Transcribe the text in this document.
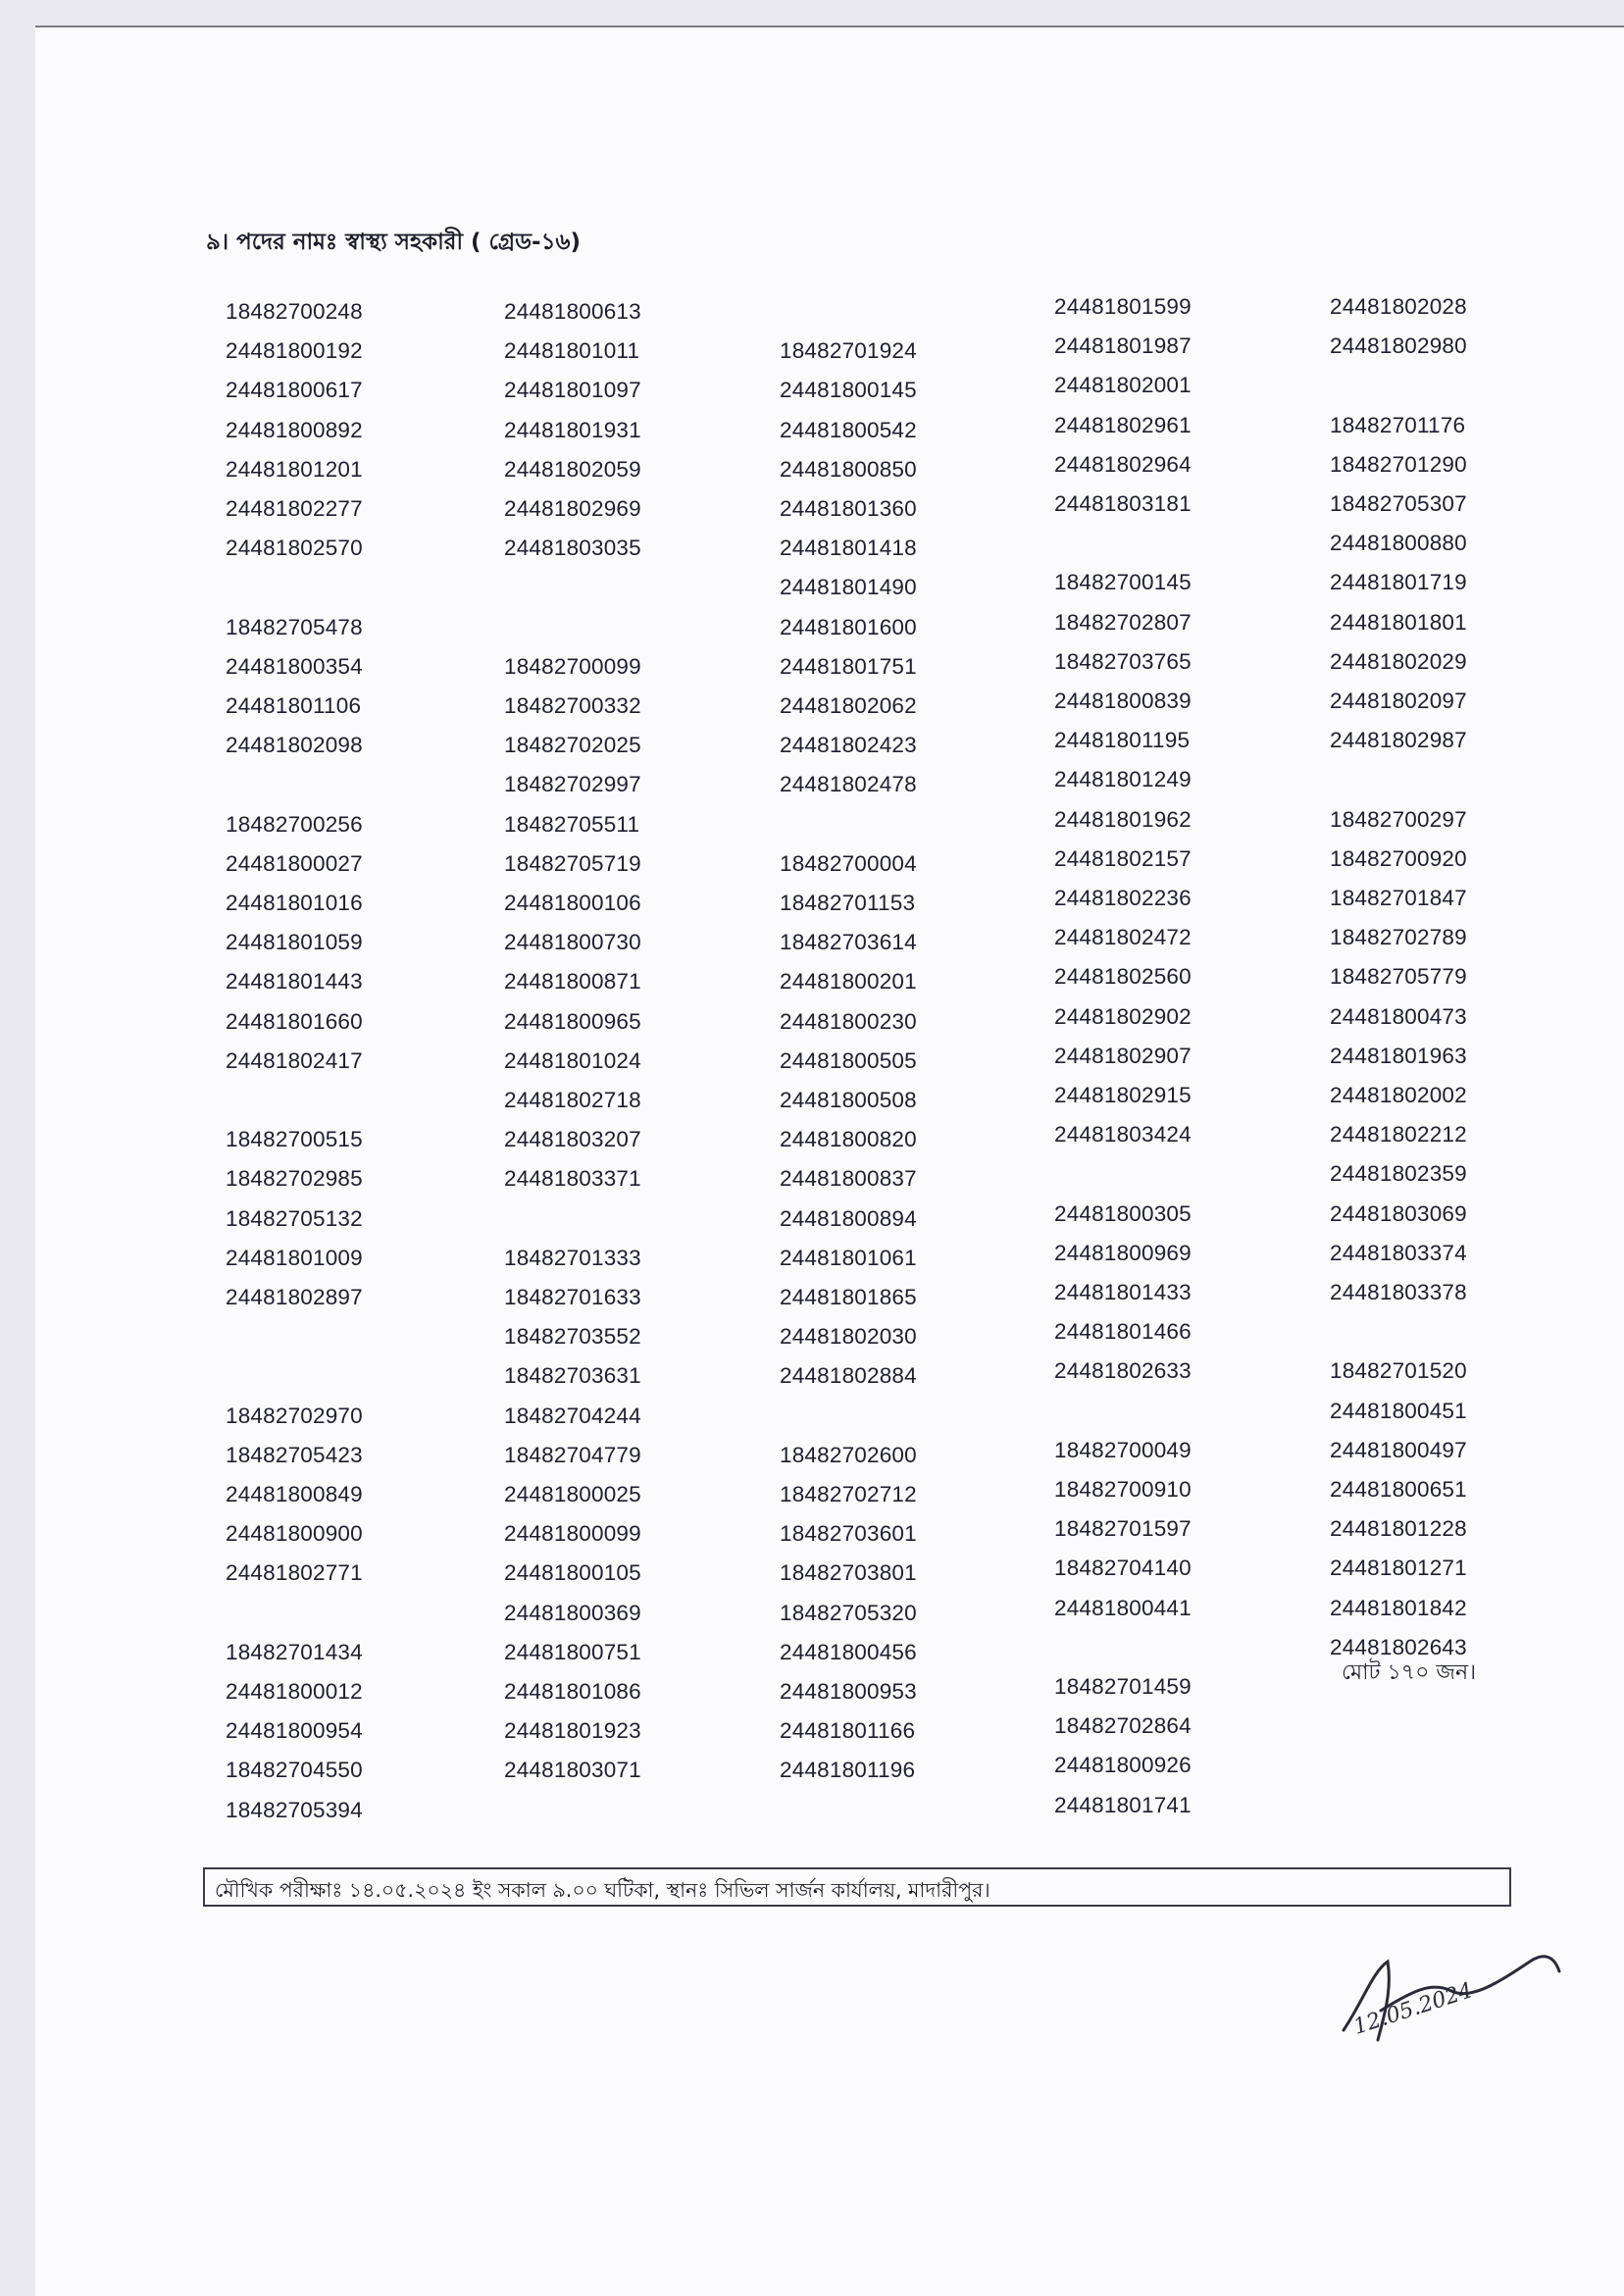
৯। পদের নামঃ স্বাস্থ্য সহকারী ( গ্রেড-১৬)
18482700248
24481800192
24481800617
24481800892
24481801201
24481802277
24481802570
18482705478
24481800354
24481801106
24481802098
18482700256
24481800027
24481801016
24481801059
24481801443
24481801660
24481802417
18482700515
18482702985
18482705132
24481801009
24481802897
18482702970
18482705423
24481800849
24481800900
24481802771
18482701434
24481800012
24481800954
18482704550
18482705394
24481800613
24481801011
24481801097
24481801931
24481802059
24481802969
24481803035
18482700099
18482700332
18482702025
18482702997
18482705511
18482705719
24481800106
24481800730
24481800871
24481800965
24481801024
24481802718
24481803207
24481803371
18482701333
18482701633
18482703552
18482703631
18482704244
18482704779
24481800025
24481800099
24481800105
24481800369
24481800751
24481801086
24481801923
24481803071
18482701924
24481800145
24481800542
24481800850
24481801360
24481801418
24481801490
24481801600
24481801751
24481802062
24481802423
24481802478
18482700004
18482701153
18482703614
24481800201
24481800230
24481800505
24481800508
24481800820
24481800837
24481800894
24481801061
24481801865
24481802030
24481802884
18482702600
18482702712
18482703601
18482703801
18482705320
24481800456
24481800953
24481801166
24481801196
24481801599
24481801987
24481802001
24481802961
24481802964
24481803181
18482700145
18482702807
18482703765
24481800839
24481801195
24481801249
24481801962
24481802157
24481802236
24481802472
24481802560
24481802902
24481802907
24481802915
24481803424
24481800305
24481800969
24481801433
24481801466
24481802633
18482700049
18482700910
18482701597
18482704140
24481800441
18482701459
18482702864
24481800926
24481801741
24481802028
24481802980
18482701176
18482701290
18482705307
24481800880
24481801719
24481801801
24481802029
24481802097
24481802987
18482700297
18482700920
18482701847
18482702789
18482705779
24481800473
24481801963
24481802002
24481802212
24481802359
24481803069
24481803374
24481803378
18482701520
24481800451
24481800497
24481800651
24481801228
24481801271
24481801842
24481802643
মোট ১৭০ জন।
মৌখিক পরীক্ষাঃ ১৪.০৫.২০২৪ ইং সকাল ৯.০০ ঘটিকা, স্থানঃ সিভিল সার্জন কার্যালয়, মাদারীপুর।
12.05.2024
